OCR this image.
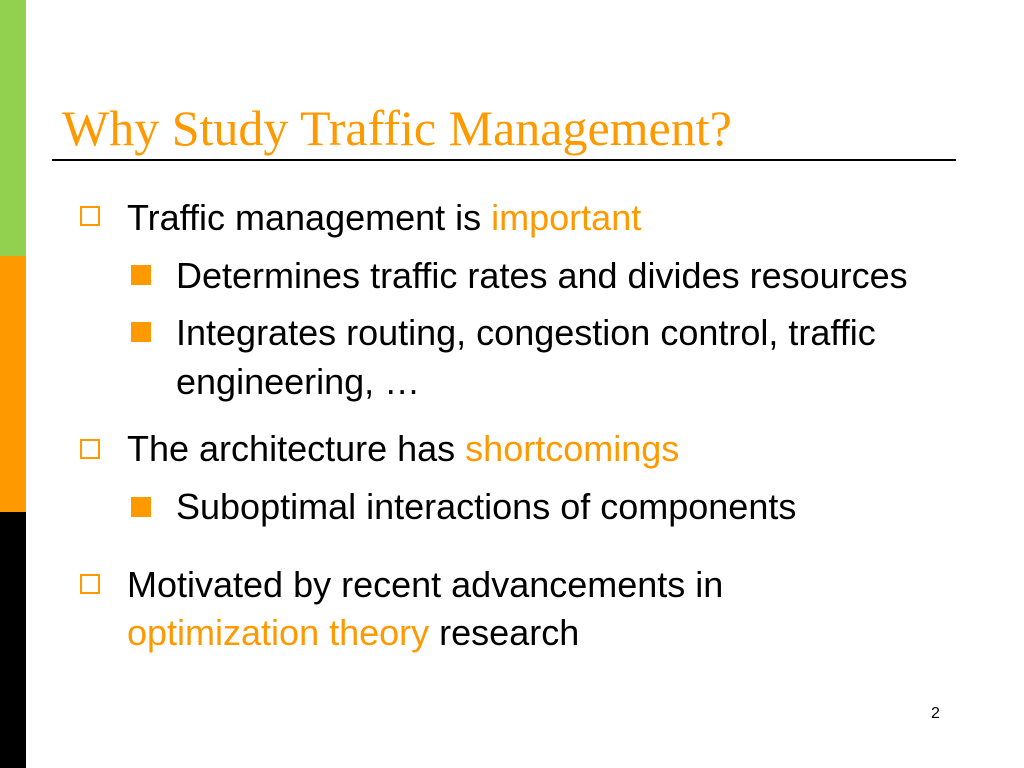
Why Study Traffic Management?
Traffic management is important
Determines traffic rates and divides resources
Integrates routing, congestion control, traffic
engineering, …
The architecture has shortcomings
Suboptimal interactions of components
Motivated by recent advancements in
optimization theory research
2
